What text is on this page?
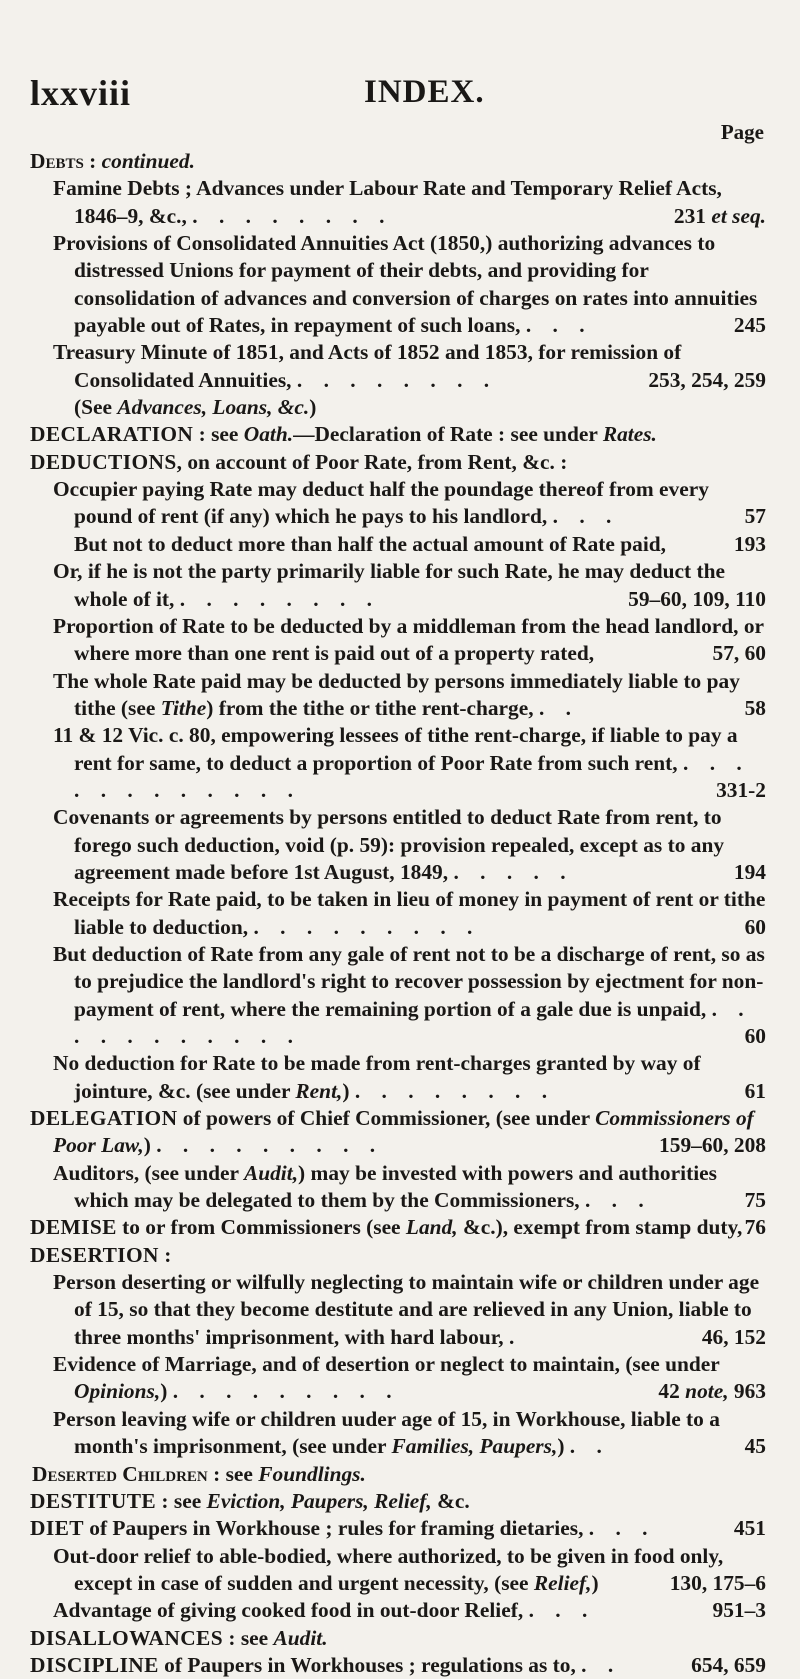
lxxviii	INDEX.
Page
Debts : continued.
Famine Debts ; Advances under Labour Rate and Temporary Relief Acts, 1846–9, &c., . . . . . . . .	231 et seq.
Provisions of Consolidated Annuities Act (1850,) authorizing advances to distressed Unions for payment of their debts, and providing for consolidation of advances and conversion of charges on rates into annuities payable out of Rates, in repayment of such loans, . . .	245
Treasury Minute of 1851, and Acts of 1852 and 1853, for remission of Consolidated Annuities, . . . . . . . .	253, 254, 259
(See Advances, Loans, &c.)
DECLARATION : see Oath.—Declaration of Rate : see under Rates.
DEDUCTIONS, on account of Poor Rate, from Rent, &c. :
Occupier paying Rate may deduct half the poundage thereof from every pound of rent (if any) which he pays to his landlord, . . .	57
But not to deduct more than half the actual amount of Rate paid,	193
Or, if he is not the party primarily liable for such Rate, he may deduct the whole of it, . . . . . . . .	59–60, 109, 110
Proportion of Rate to be deducted by a middleman from the head landlord, or where more than one rent is paid out of a property rated,	57, 60
The whole Rate paid may be deducted by persons immediately liable to pay tithe (see Tithe) from the tithe or tithe rent-charge, . .	58
11 & 12 Vic. c. 80, empowering lessees of tithe rent-charge, if liable to pay a rent for same, to deduct a proportion of Poor Rate from such rent, . . . . . . . . . . . .	331-2
Covenants or agreements by persons entitled to deduct Rate from rent, to forego such deduction, void (p. 59): provision repealed, except as to any agreement made before 1st August, 1849, . . . . .	194
Receipts for Rate paid, to be taken in lieu of money in payment of rent or tithe liable to deduction, . . . . . . . . .	60
But deduction of Rate from any gale of rent not to be a discharge of rent, so as to prejudice the landlord's right to recover possession by ejectment for non-payment of rent, where the remaining portion of a gale due is unpaid, . . . . . . . . . . .	60
No deduction for Rate to be made from rent-charges granted by way of jointure, &c. (see under Rent,) . . . . . . . .	61
DELEGATION of powers of Chief Commissioner, (see under Commissioners of Poor Law,) . . . . . . . . .	159–60, 208
Auditors, (see under Audit,) may be invested with powers and authorities which may be delegated to them by the Commissioners, . . .	75
DEMISE to or from Commissioners (see Land, &c.), exempt from stamp duty, 76
DESERTION :
Person deserting or wilfully neglecting to maintain wife or children under age of 15, so that they become destitute and are relieved in any Union, liable to three months' imprisonment, with hard labour, .	46, 152
Evidence of Marriage, and of desertion or neglect to maintain, (see under Opinions,) . . . . . . . . .	42 note, 963
Person leaving wife or children uuder age of 15, in Workhouse, liable to a month's imprisonment, (see under Families, Paupers,) . .	45
Deserted Children : see Foundlings.
DESTITUTE : see Eviction, Paupers, Relief, &c.
DIET of Paupers in Workhouse ; rules for framing dietaries, . . .	451
Out-door relief to able-bodied, where authorized, to be given in food only, except in case of sudden and urgent necessity, (see Relief,)	130, 175–6
Advantage of giving cooked food in out-door Relief, . . .	951–3
DISALLOWANCES : see Audit.
DISCIPLINE of Paupers in Workhouses ; regulations as to, . .	654, 659
